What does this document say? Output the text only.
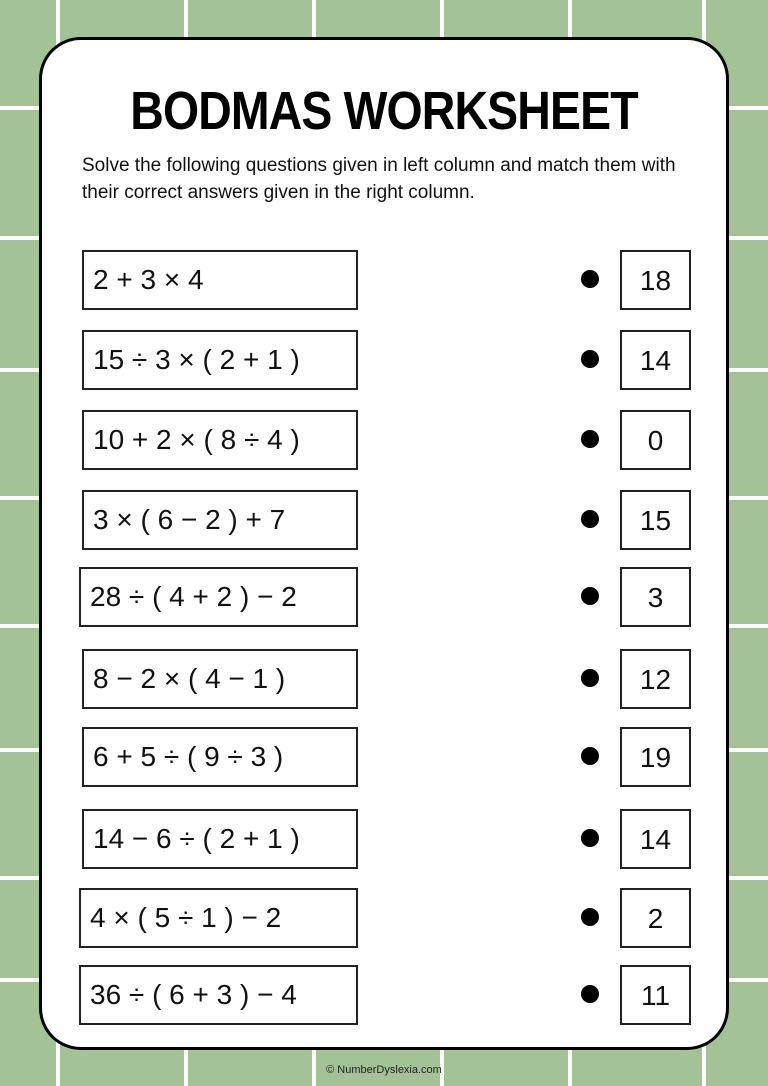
BODMAS WORKSHEET
Solve the following questions given in left column and match them with their correct answers given in the right column.
2 + 3 × 4	18
15 ÷ 3 × ( 2 + 1 )	14
10 + 2 × ( 8 ÷ 4 )	0
3 × ( 6 − 2 ) + 7	15
28 ÷ ( 4 + 2 ) − 2	3
8 − 2 × ( 4 − 1 )	12
6 + 5 ÷ ( 9 ÷ 3 )	19
14 − 6 ÷ ( 2 + 1 )	14
4 × ( 5 ÷ 1 ) − 2	2
36 ÷ ( 6 + 3 ) − 4	11
© NumberDyslexia.com
